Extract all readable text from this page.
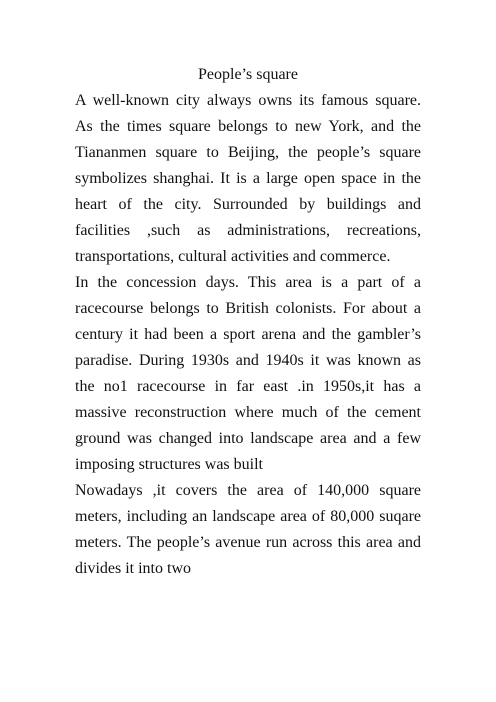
People’s square

A well-known city always owns its famous square. As the times square belongs to new York, and the Tiananmen square to Beijing, the people’s square symbolizes shanghai. It is a large open space in the heart of the city. Surrounded by buildings and facilities ,such as administrations, recreations, transportations, cultural activities and commerce.

In the concession days. This area is a part of a racecourse belongs to British colonists. For about a century it had been a sport arena and the gambler’s paradise. During 1930s and 1940s it was known as the no1 racecourse in far east .in 1950s,it has a massive reconstruction where much of the cement ground was changed into landscape area and a few imposing structures was built

Nowadays ,it covers the area of 140,000 square meters, including an landscape area of 80,000 suqare meters. The people’s avenue run across this area and divides it into two
